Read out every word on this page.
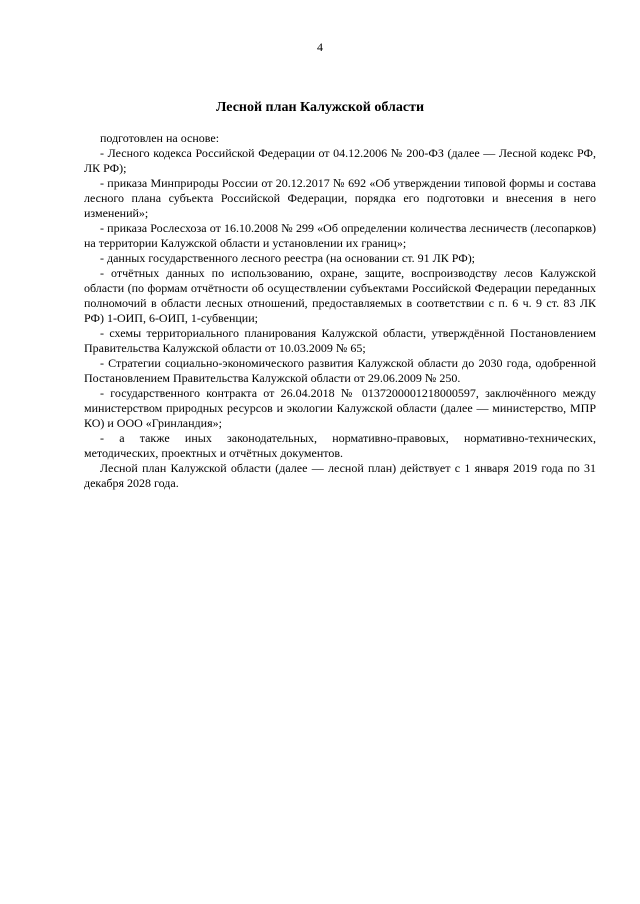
4
Лесной план Калужской области

подготовлен на основе:

- Лесного кодекса Российской Федерации от 04.12.2006 № 200-ФЗ (далее — Лесной кодекс РФ, ЛК РФ);

- приказа Минприроды России от 20.12.2017 № 692 «Об утверждении типовой формы и состава лесного плана субъекта Российской Федерации, порядка его подготовки и внесения в него изменений»;

- приказа Рослесхоза от 16.10.2008 № 299 «Об определении количества лесничеств (лесопарков) на территории Калужской области и установлении их границ»;

- данных государственного лесного реестра (на основании ст. 91 ЛК РФ);

- отчётных данных по использованию, охране, защите, воспроизводству лесов Калужской области (по формам отчётности об осуществлении субъектами Российской Федерации переданных полномочий в области лесных отношений, предоставляемых в соответствии с п. 6 ч. 9 ст. 83 ЛК РФ) 1-ОИП, 6-ОИП, 1-субвенции;

- схемы территориального планирования Калужской области, утверждённой Постановлением Правительства Калужской области от 10.03.2009 № 65;

- Стратегии социально-экономического развития Калужской области до 2030 года, одобренной Постановлением Правительства Калужской области от 29.06.2009 № 250.

- государственного контракта от 26.04.2018 № 0137200001218000597, заключённого между министерством природных ресурсов и экологии Калужской области (далее — министерство, МПР КО) и ООО «Гринландия»;

- а также иных законодательных, нормативно-правовых, нормативно-технических, методических, проектных и отчётных документов.

Лесной план Калужской области (далее — лесной план) действует с 1 января 2019 года по 31 декабря 2028 года.
